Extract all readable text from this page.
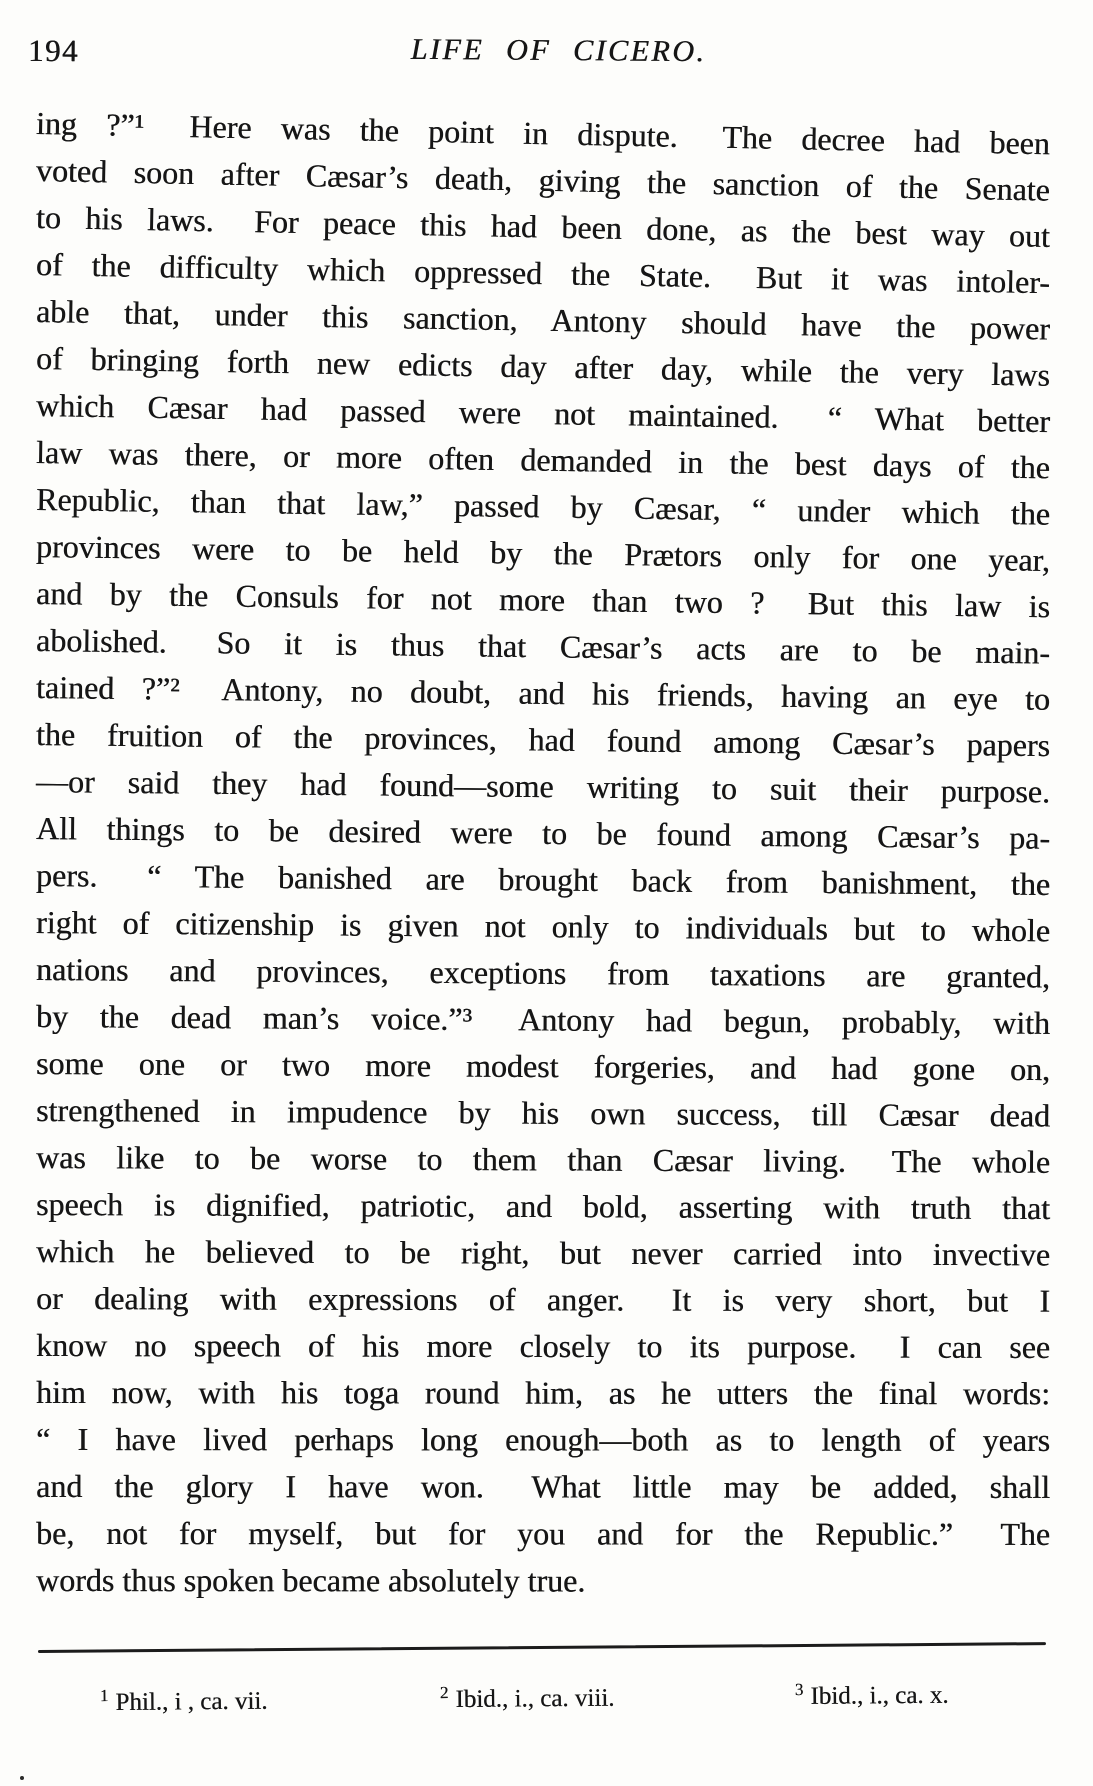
194	LIFE OF CICERO.
ing ?”¹  Here was the point in dispute.  The decree had been
voted soon after Cæsar’s death, giving the sanction of the Senate
to his laws.  For peace this had been done, as the best way out
of the difficulty which oppressed the State.  But it was intoler-
able that, under this sanction, Antony should have the power
of bringing forth new edicts day after day, while the very laws
which Cæsar had passed were not maintained.  “ What better
law was there, or more often demanded in the best days of the
Republic, than that law,” passed by Cæsar, “ under which the
provinces were to be held by the Prætors only for one year,
and by the Consuls for not more than two ?  But this law is
abolished.  So it is thus that Cæsar’s acts are to be main-
tained ?”²  Antony, no doubt, and his friends, having an eye to
the fruition of the provinces, had found among Cæsar’s papers
—or said they had found—some writing to suit their purpose.
All things to be desired were to be found among Cæsar’s pa-
pers.  “ The banished are brought back from banishment, the
right of citizenship is given not only to individuals but to whole
nations and provinces, exceptions from taxations are granted,
by the dead man’s voice.”³  Antony had begun, probably, with
some one or two more modest forgeries, and had gone on,
strengthened in impudence by his own success, till Cæsar dead
was like to be worse to them than Cæsar living.  The whole
speech is dignified, patriotic, and bold, asserting with truth that
which he believed to be right, but never carried into invective
or dealing with expressions of anger.  It is very short, but I
know no speech of his more closely to its purpose.  I can see
him now, with his toga round him, as he utters the final words:
“ I have lived perhaps long enough—both as to length of years
and the glory I have won.  What little may be added, shall
be, not for myself, but for you and for the Republic.”  The
words thus spoken became absolutely true.
$^1$ Phil., i , ca. vii.	$^2$ Ibid., i., ca. viii.	$^3$ Ibid., i., ca. x.
